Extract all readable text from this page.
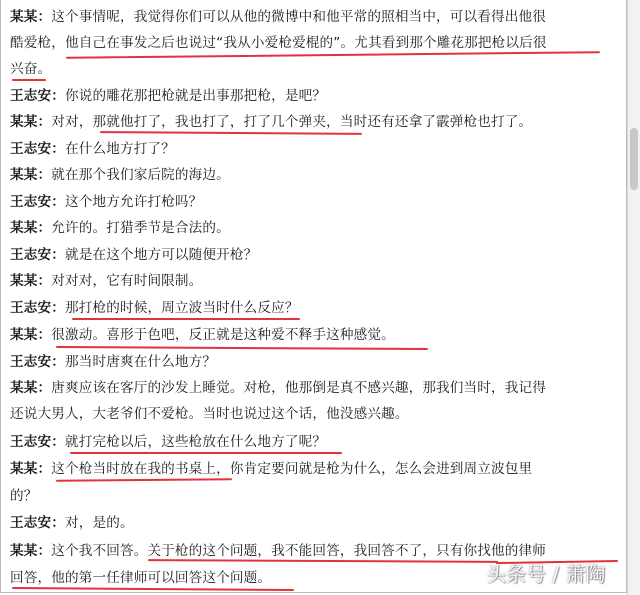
某某：这个事情呢，我觉得你们可以从他的微博中和他平常的照相当中，可以看得出他很
酷爱枪，他自己在事发之后也说过“我从小爱枪爱棍的”。尤其看到那个雕花那把枪以后很
兴奋。
王志安：你说的雕花那把枪就是出事那把枪，是吧？
某某：对对，那就他打了，我也打了，打了几个弹夹，当时还有还拿了霰弹枪也打了。
王志安：在什么地方打了？
某某：就在那个我们家后院的海边。
王志安：这个地方允许打枪吗？
某某：允许的。打猎季节是合法的。
王志安：就是在这个地方可以随便开枪？
某某：对对对，它有时间限制。
王志安：那打枪的时候，周立波当时什么反应？
某某：很激动。喜形于色吧，反正就是这种爱不释手这种感觉。
王志安：那当时唐爽在什么地方？
某某：唐爽应该在客厅的沙发上睡觉。对枪，他那倒是真不感兴趣，那我们当时，我记得
还说大男人，大老爷们不爱枪。当时也说过这个话，他没感兴趣。
王志安：就打完枪以后，这些枪放在什么地方了呢？
某某：这个枪当时放在我的书桌上，你肯定要问就是枪为什么，怎么会进到周立波包里
的？
王志安：对，是的。
某某：这个我不回答。关于枪的这个问题，我不能回答，我回答不了，只有你找他的律师
回答，他的第一任律师可以回答这个问题。	头条号 / 萧陶
